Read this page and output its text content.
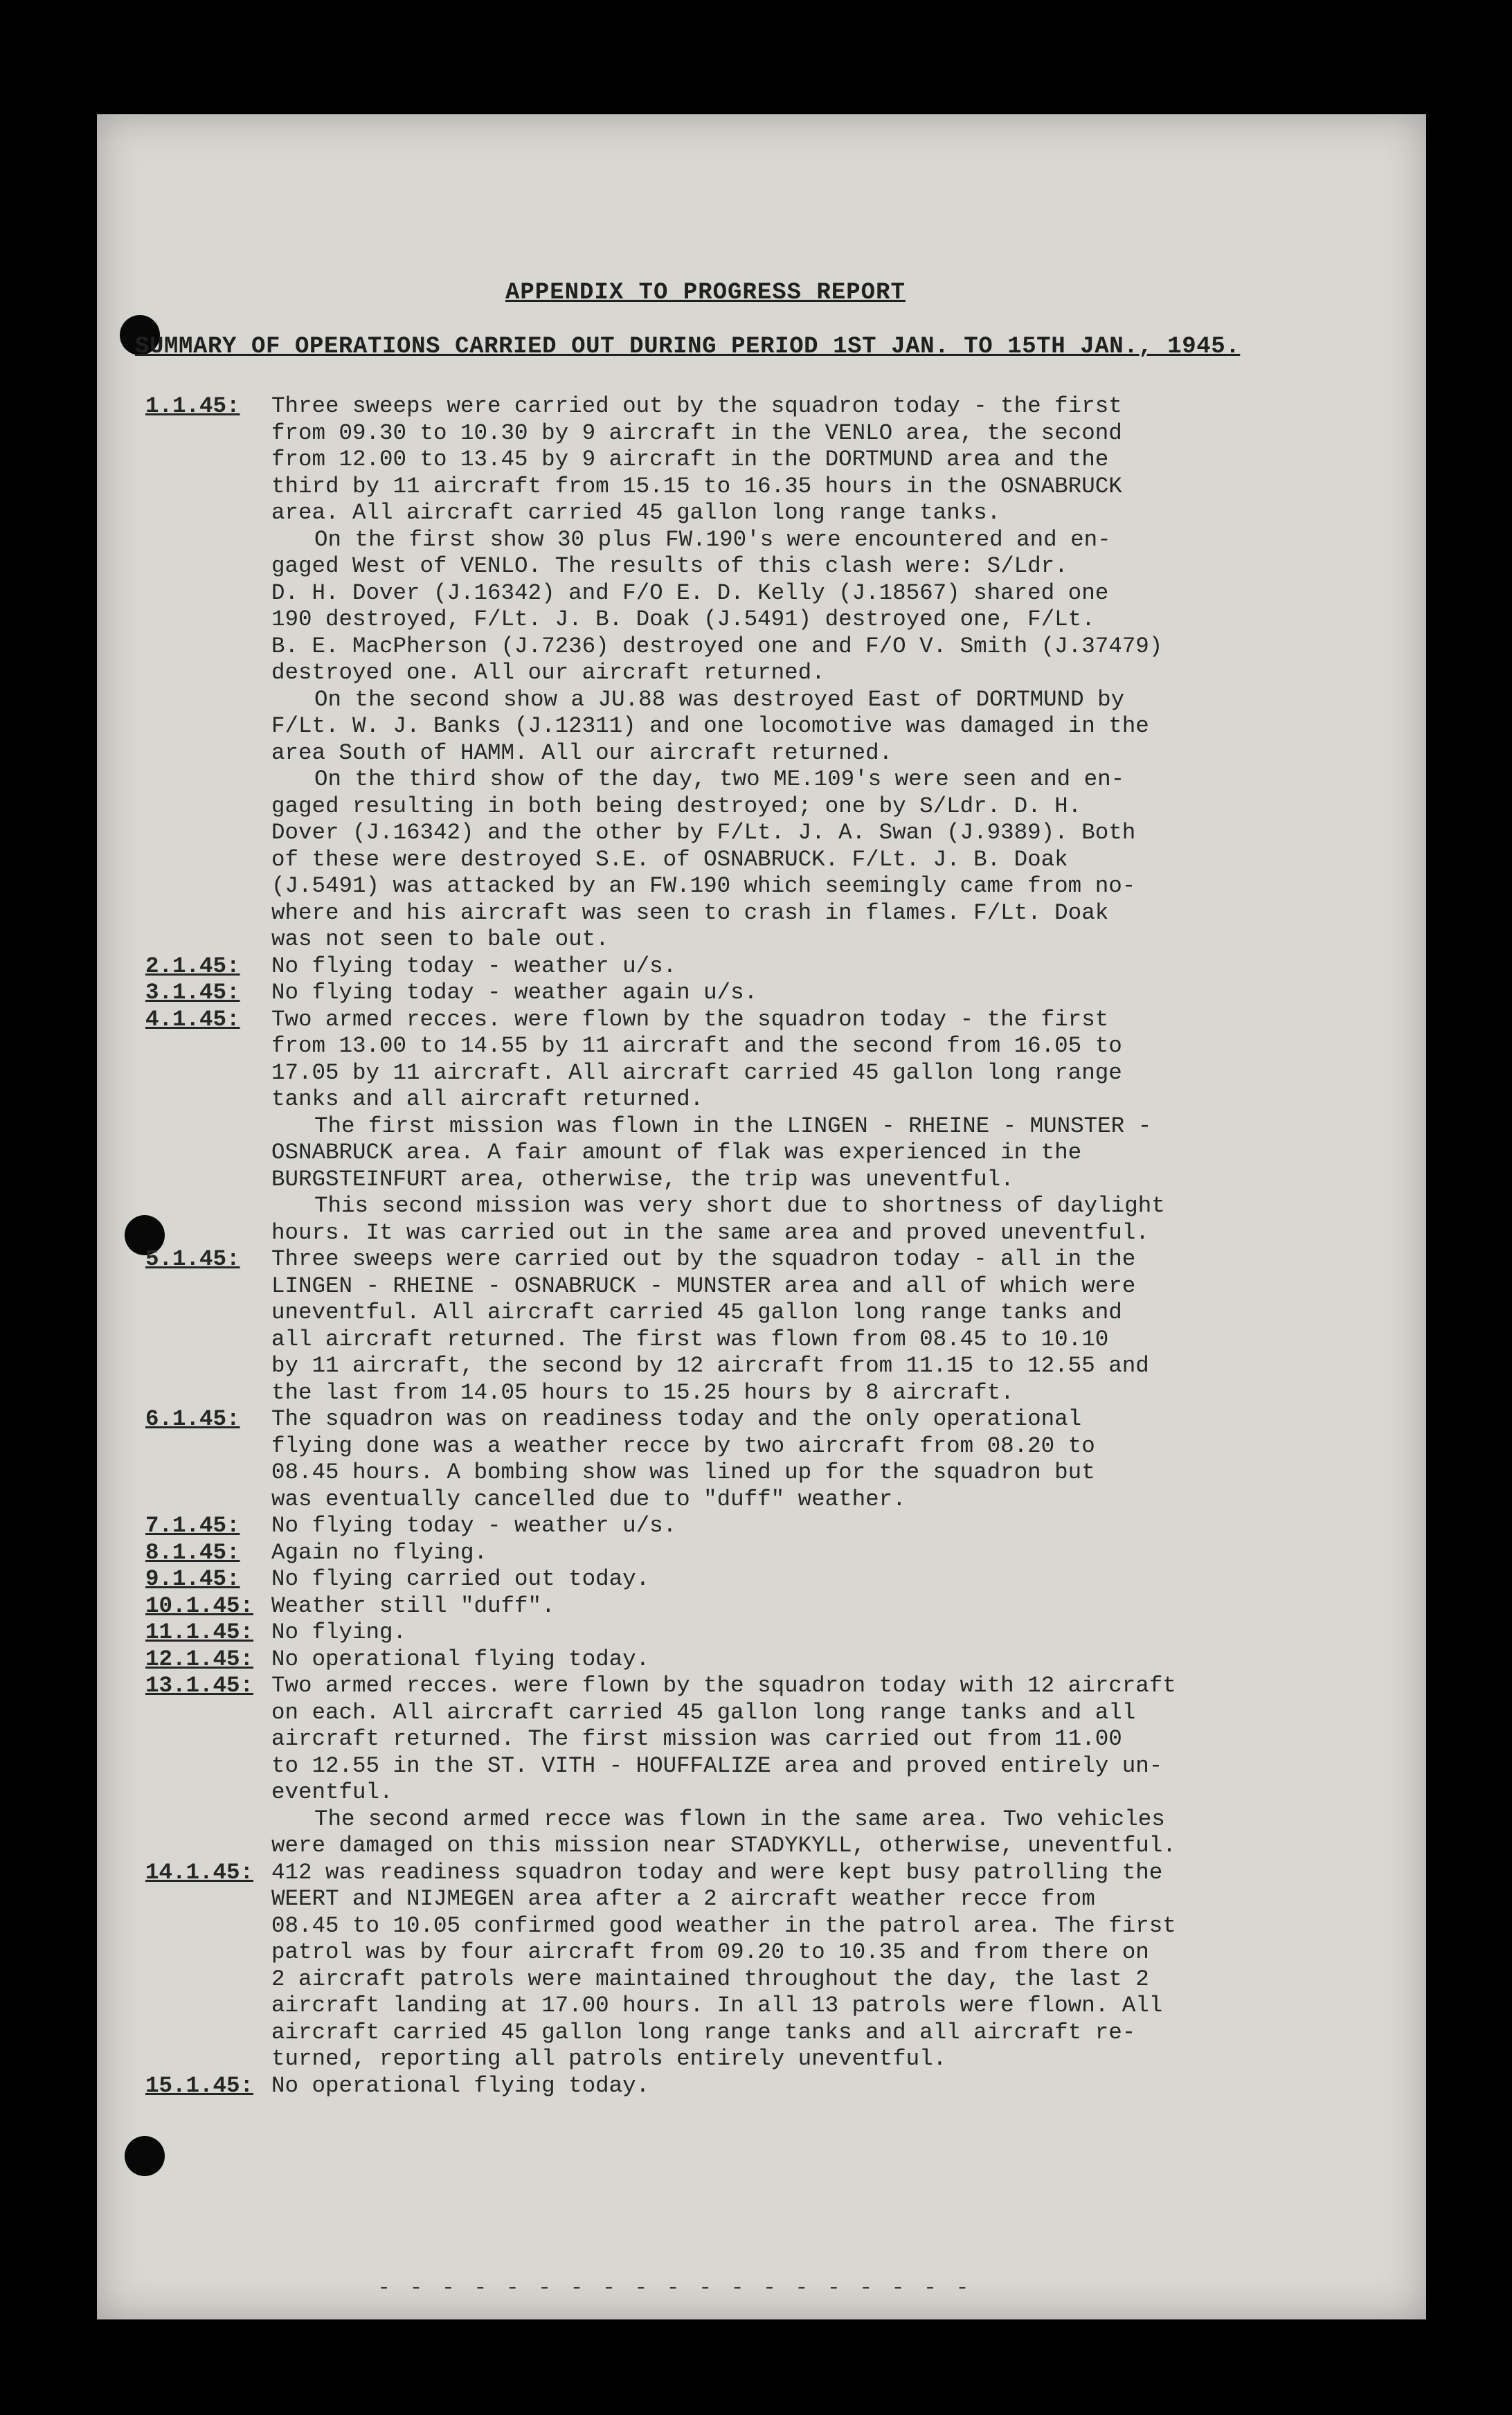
APPENDIX TO PROGRESS REPORT
SUMMARY OF OPERATIONS CARRIED OUT DURING PERIOD 1ST JAN. TO 15TH JAN., 1945.
1.1.45:	Three sweeps were carried out by the squadron today - the first
from 09.30 to 10.30 by 9 aircraft in the VENLO area, the second
from 12.00 to 13.45 by 9 aircraft in the DORTMUND area and the
third by 11 aircraft from 15.15 to 16.35 hours in the OSNABRUCK
area. All aircraft carried 45 gallon long range tanks.
On the first show 30 plus FW.190's were encountered and en-
gaged West of VENLO. The results of this clash were: S/Ldr.
D. H. Dover (J.16342) and F/O E. D. Kelly (J.18567) shared one
190 destroyed, F/Lt. J. B. Doak (J.5491) destroyed one, F/Lt.
B. E. MacPherson (J.7236) destroyed one and F/O V. Smith (J.37479)
destroyed one. All our aircraft returned.
On the second show a JU.88 was destroyed East of DORTMUND by
F/Lt. W. J. Banks (J.12311) and one locomotive was damaged in the
area South of HAMM. All our aircraft returned.
On the third show of the day, two ME.109's were seen and en-
gaged resulting in both being destroyed; one by S/Ldr. D. H.
Dover (J.16342) and the other by F/Lt. J. A. Swan (J.9389). Both
of these were destroyed S.E. of OSNABRUCK. F/Lt. J. B. Doak
(J.5491) was attacked by an FW.190 which seemingly came from no-
where and his aircraft was seen to crash in flames. F/Lt. Doak
was not seen to bale out.
2.1.45:	No flying today - weather u/s.
3.1.45:	No flying today - weather again u/s.
4.1.45:	Two armed recces. were flown by the squadron today - the first
from 13.00 to 14.55 by 11 aircraft and the second from 16.05 to
17.05 by 11 aircraft. All aircraft carried 45 gallon long range
tanks and all aircraft returned.
The first mission was flown in the LINGEN - RHEINE - MUNSTER -
OSNABRUCK area. A fair amount of flak was experienced in the
BURGSTEINFURT area, otherwise, the trip was uneventful.
This second mission was very short due to shortness of daylight
hours. It was carried out in the same area and proved uneventful.
5.1.45:	Three sweeps were carried out by the squadron today - all in the
LINGEN - RHEINE - OSNABRUCK - MUNSTER area and all of which were
uneventful. All aircraft carried 45 gallon long range tanks and
all aircraft returned. The first was flown from 08.45 to 10.10
by 11 aircraft, the second by 12 aircraft from 11.15 to 12.55 and
the last from 14.05 hours to 15.25 hours by 8 aircraft.
6.1.45:	The squadron was on readiness today and the only operational
flying done was a weather recce by two aircraft from 08.20 to
08.45 hours. A bombing show was lined up for the squadron but
was eventually cancelled due to "duff" weather.
7.1.45:	No flying today - weather u/s.
8.1.45:	Again no flying.
9.1.45:	No flying carried out today.
10.1.45: Weather still "duff".
11.1.45: No flying.
12.1.45: No operational flying today.
13.1.45: Two armed recces. were flown by the squadron today with 12 aircraft
on each. All aircraft carried 45 gallon long range tanks and all
aircraft returned. The first mission was carried out from 11.00
to 12.55 in the ST. VITH - HOUFFALIZE area and proved entirely un-
eventful.
The second armed recce was flown in the same area. Two vehicles
were damaged on this mission near STADYKYLL, otherwise, uneventful.
14.1.45: 412 was readiness squadron today and were kept busy patrolling the
WEERT and NIJMEGEN area after a 2 aircraft weather recce from
08.45 to 10.05 confirmed good weather in the patrol area. The first
patrol was by four aircraft from 09.20 to 10.35 and from there on
2 aircraft patrols were maintained throughout the day, the last 2
aircraft landing at 17.00 hours. In all 13 patrols were flown. All
aircraft carried 45 gallon long range tanks and all aircraft re-
turned, reporting all patrols entirely uneventful.
15.1.45: No operational flying today.
- - - - - - - - - - - - - - - - - - -
